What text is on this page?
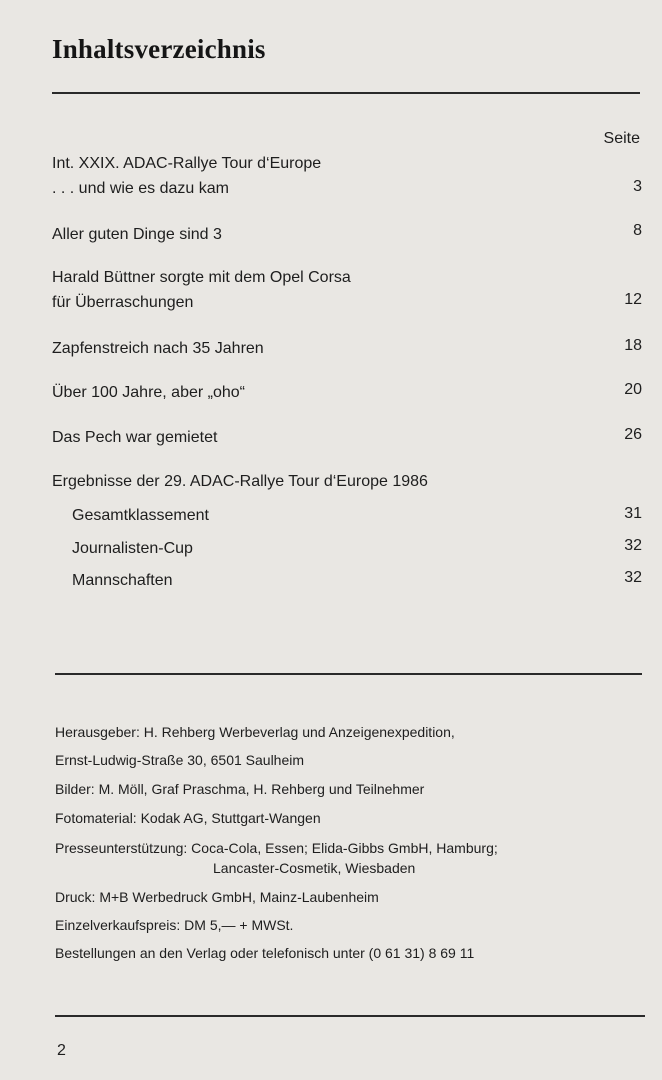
Inhaltsverzeichnis
Seite
Int. XXIX. ADAC-Rallye Tour d‘Europe
. . . und wie es dazu kam	3
Aller guten Dinge sind 3	8
Harald Büttner sorgte mit dem Opel Corsa
für Überraschungen	12
Zapfenstreich nach 35 Jahren	18
Über 100 Jahre, aber „oho“	20
Das Pech war gemietet	26
Ergebnisse der 29. ADAC-Rallye Tour d‘Europe 1986
Gesamtklassement	31
Journalisten-Cup	32
Mannschaften	32
Herausgeber: H. Rehberg Werbeverlag und Anzeigenexpedition,
Ernst-Ludwig-Straße 30, 6501 Saulheim
Bilder: M. Möll, Graf Praschma, H. Rehberg und Teilnehmer
Fotomaterial: Kodak AG, Stuttgart-Wangen
Presseunterstützung: Coca-Cola, Essen; Elida-Gibbs GmbH, Hamburg;
Lancaster-Cosmetik, Wiesbaden
Druck: M+B Werbedruck GmbH, Mainz-Laubenheim
Einzelverkaufspreis: DM 5,— + MWSt.
Bestellungen an den Verlag oder telefonisch unter (0 61 31) 8 69 11
2
